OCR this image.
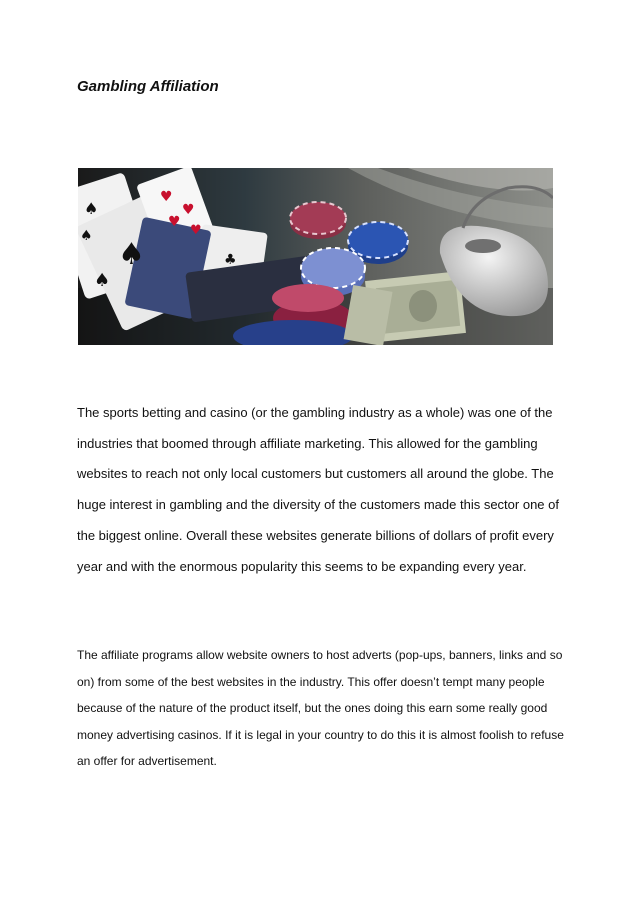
Gambling Affiliation
♥
♥
♥
♥
♠
♠
♠
♠
♣

The sports betting and casino (or the gambling industry as a whole) was one of the industries that boomed through affiliate marketing. This allowed for the gambling websites to reach not only local customers but customers all around the globe. The huge interest in gambling and the diversity of the customers made this sector one of the biggest online. Overall these websites generate billions of dollars of profit every year and with the enormous popularity this seems to be expanding every year.

The affiliate programs allow website owners to host adverts (pop-ups, banners, links and so on) from some of the best websites in the industry. This offer doesn’t tempt many people because of the nature of the product itself, but the ones doing this earn some really good money advertising casinos. If it is legal in your country to do this it is almost foolish to refuse an offer for advertisement.
